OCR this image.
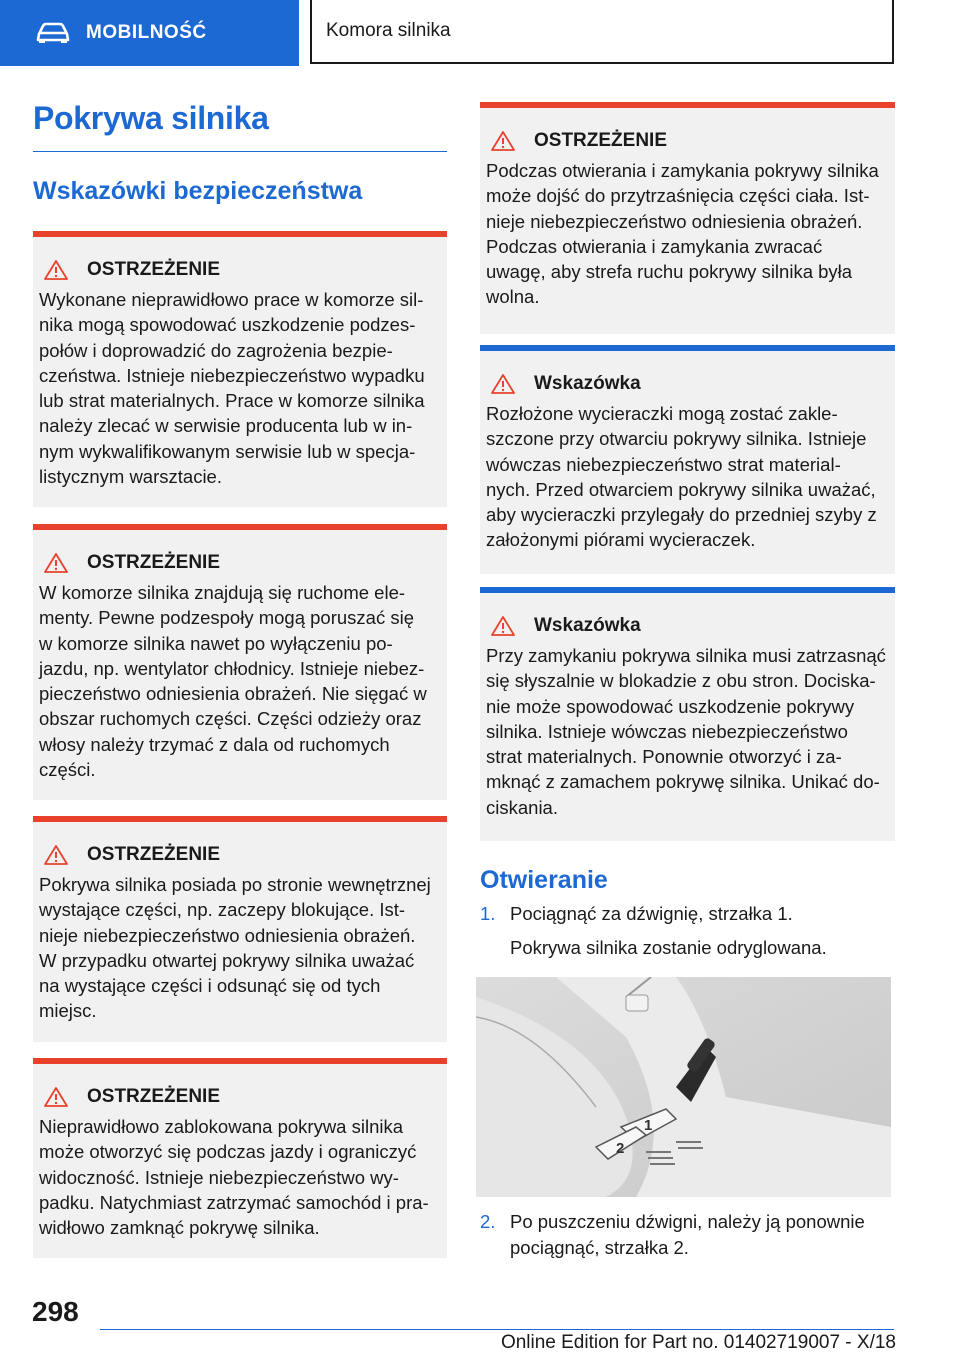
MOBILNOŚĆ	Komora silnika
Pokrywa silnika
Wskazówki bezpieczeństwa
OSTRZEŻENIE
Wykonane nieprawidłowo prace w komorze sil-
nika mogą spowodować uszkodzenie podzes-
połów i doprowadzić do zagrożenia bezpie-
czeństwa. Istnieje niebezpieczeństwo wypadku
lub strat materialnych. Prace w komorze silnika
należy zlecać w serwisie producenta lub w in-
nym wykwalifikowanym serwisie lub w specja-
listycznym warsztacie.
OSTRZEŻENIE
W komorze silnika znajdują się ruchome ele-
menty. Pewne podzespoły mogą poruszać się
w komorze silnika nawet po wyłączeniu po-
jazdu, np. wentylator chłodnicy. Istnieje niebez-
pieczeństwo odniesienia obrażeń. Nie sięgać w
obszar ruchomych części. Części odzieży oraz
włosy należy trzymać z dala od ruchomych
części.
OSTRZEŻENIE
Pokrywa silnika posiada po stronie wewnętrznej
wystające części, np. zaczepy blokujące. Ist-
nieje niebezpieczeństwo odniesienia obrażeń.
W przypadku otwartej pokrywy silnika uważać
na wystające części i odsunąć się od tych
miejsc.
OSTRZEŻENIE
Nieprawidłowo zablokowana pokrywa silnika
może otworzyć się podczas jazdy i ograniczyć
widoczność. Istnieje niebezpieczeństwo wy-
padku. Natychmiast zatrzymać samochód i pra-
widłowo zamknąć pokrywę silnika.
OSTRZEŻENIE
Podczas otwierania i zamykania pokrywy silnika
może dojść do przytrzaśnięcia części ciała. Ist-
nieje niebezpieczeństwo odniesienia obrażeń.
Podczas otwierania i zamykania zwracać
uwagę, aby strefa ruchu pokrywy silnika była
wolna.
Wskazówka
Rozłożone wycieraczki mogą zostać zakle-
szczone przy otwarciu pokrywy silnika. Istnieje
wówczas niebezpieczeństwo strat material-
nych. Przed otwarciem pokrywy silnika uważać,
aby wycieraczki przylegały do przedniej szyby z
założonymi piórami wycieraczek.
Wskazówka
Przy zamykaniu pokrywa silnika musi zatrzasnąć
się słyszalnie w blokadzie z obu stron. Dociska-
nie może spowodować uszkodzenie pokrywy
silnika. Istnieje wówczas niebezpieczeństwo
strat materialnych. Ponownie otworzyć i za-
mknąć z zamachem pokrywę silnika. Unikać do-
ciskania.
Otwieranie
1. Pociągnąć za dźwignię, strzałka 1.
Pokrywa silnika zostanie odryglowana.
1
2
2. Po puszczeniu dźwigni, należy ją ponownie
pociągnąć, strzałka 2.
298
Online Edition for Part no. 01402719007 - X/18
